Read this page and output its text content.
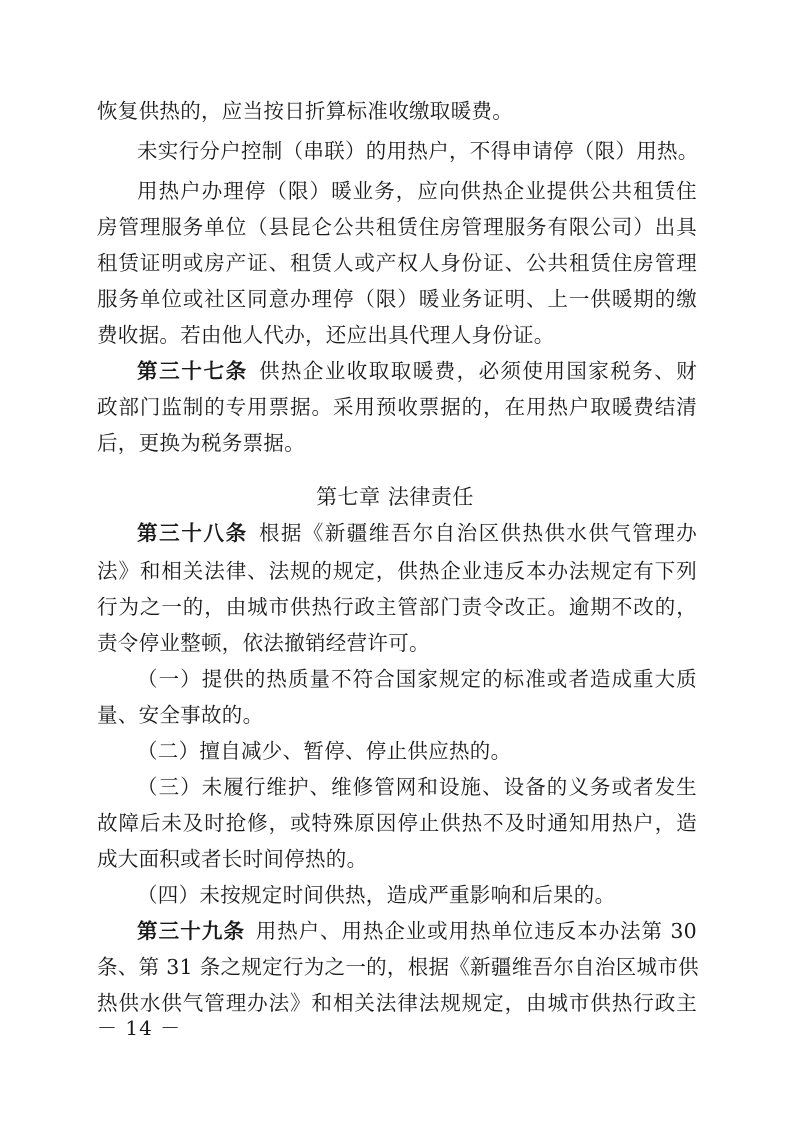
恢复供热的，应当按日折算标准收缴取暖费。
未实行分户控制（串联）的用热户，不得申请停（限）用热。
用热户办理停（限）暖业务，应向供热企业提供公共租赁住
房管理服务单位（县昆仑公共租赁住房管理服务有限公司）出具
租赁证明或房产证、租赁人或产权人身份证、公共租赁住房管理
服务单位或社区同意办理停（限）暖业务证明、上一供暖期的缴
费收据。若由他人代办，还应出具代理人身份证。
第三十七条 供热企业收取取暖费，必须使用国家税务、财
政部门监制的专用票据。采用预收票据的，在用热户取暖费结清
后，更换为税务票据。
第七章 法律责任
第三十八条 根据《新疆维吾尔自治区供热供水供气管理办
法》和相关法律、法规的规定，供热企业违反本办法规定有下列
行为之一的，由城市供热行政主管部门责令改正。逾期不改的，
责令停业整顿，依法撤销经营许可。
（一）提供的热质量不符合国家规定的标准或者造成重大质
量、安全事故的。
（二）擅自减少、暂停、停止供应热的。
（三）未履行维护、维修管网和设施、设备的义务或者发生
故障后未及时抢修，或特殊原因停止供热不及时通知用热户，造
成大面积或者长时间停热的。
（四）未按规定时间供热，造成严重影响和后果的。
第三十九条 用热户、用热企业或用热单位违反本办法第 30
条、第 31 条之规定行为之一的，根据《新疆维吾尔自治区城市供
热供水供气管理办法》和相关法律法规规定，由城市供热行政主
－ 14 －
